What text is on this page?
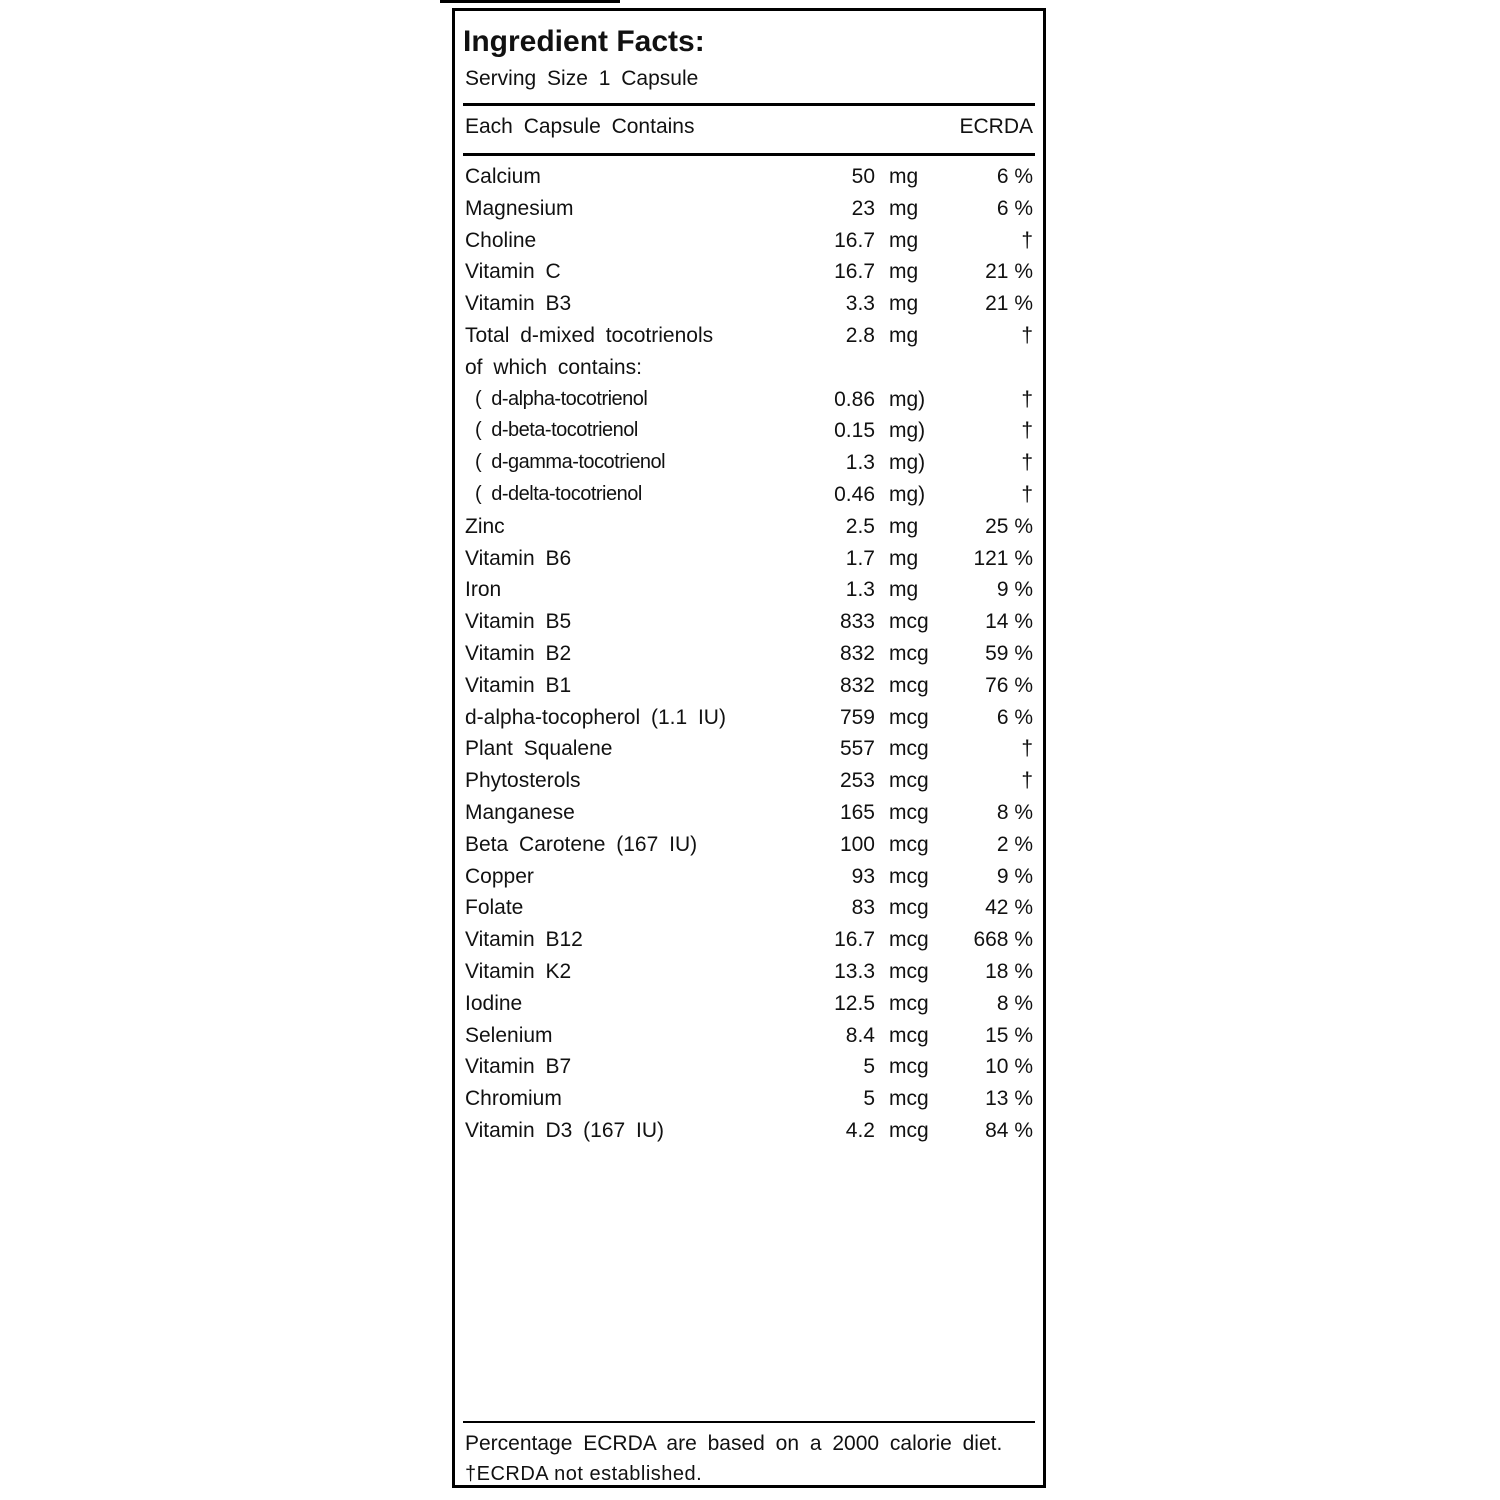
Ingredient Facts:
Serving Size 1 Capsule
Each Capsule Contains	ECRDA
Calcium	50 mg	6 %
Magnesium	23 mg	6 %
Choline	16.7 mg	†
Vitamin C	16.7 mg	21 %
Vitamin B3	3.3 mg	21 %
Total d-mixed tocotrienols	2.8 mg	†
of which contains:
( d-alpha-tocotrienol	0.86 mg)	†
( d-beta-tocotrienol	0.15 mg)	†
( d-gamma-tocotrienol	1.3 mg)	†
( d-delta-tocotrienol	0.46 mg)	†
Zinc	2.5 mg	25 %
Vitamin B6	1.7 mg	121 %
Iron	1.3 mg	9 %
Vitamin B5	833 mcg	14 %
Vitamin B2	832 mcg	59 %
Vitamin B1	832 mcg	76 %
d-alpha-tocopherol (1.1 IU)	759 mcg	6 %
Plant Squalene	557 mcg	†
Phytosterols	253 mcg	†
Manganese	165 mcg	8 %
Beta Carotene (167 IU)	100 mcg	2 %
Copper	93 mcg	9 %
Folate	83 mcg	42 %
Vitamin B12	16.7 mcg 668 %
Vitamin K2	13.3 mcg	18 %
Iodine	12.5 mcg	8 %
Selenium	8.4 mcg	15 %
Vitamin B7	5 mcg	10 %
Chromium	5 mcg	13 %
Vitamin D3 (167 IU)	4.2 mcg	84 %
Percentage ECRDA are based on a 2000 calorie diet.
†ECRDA not established.
